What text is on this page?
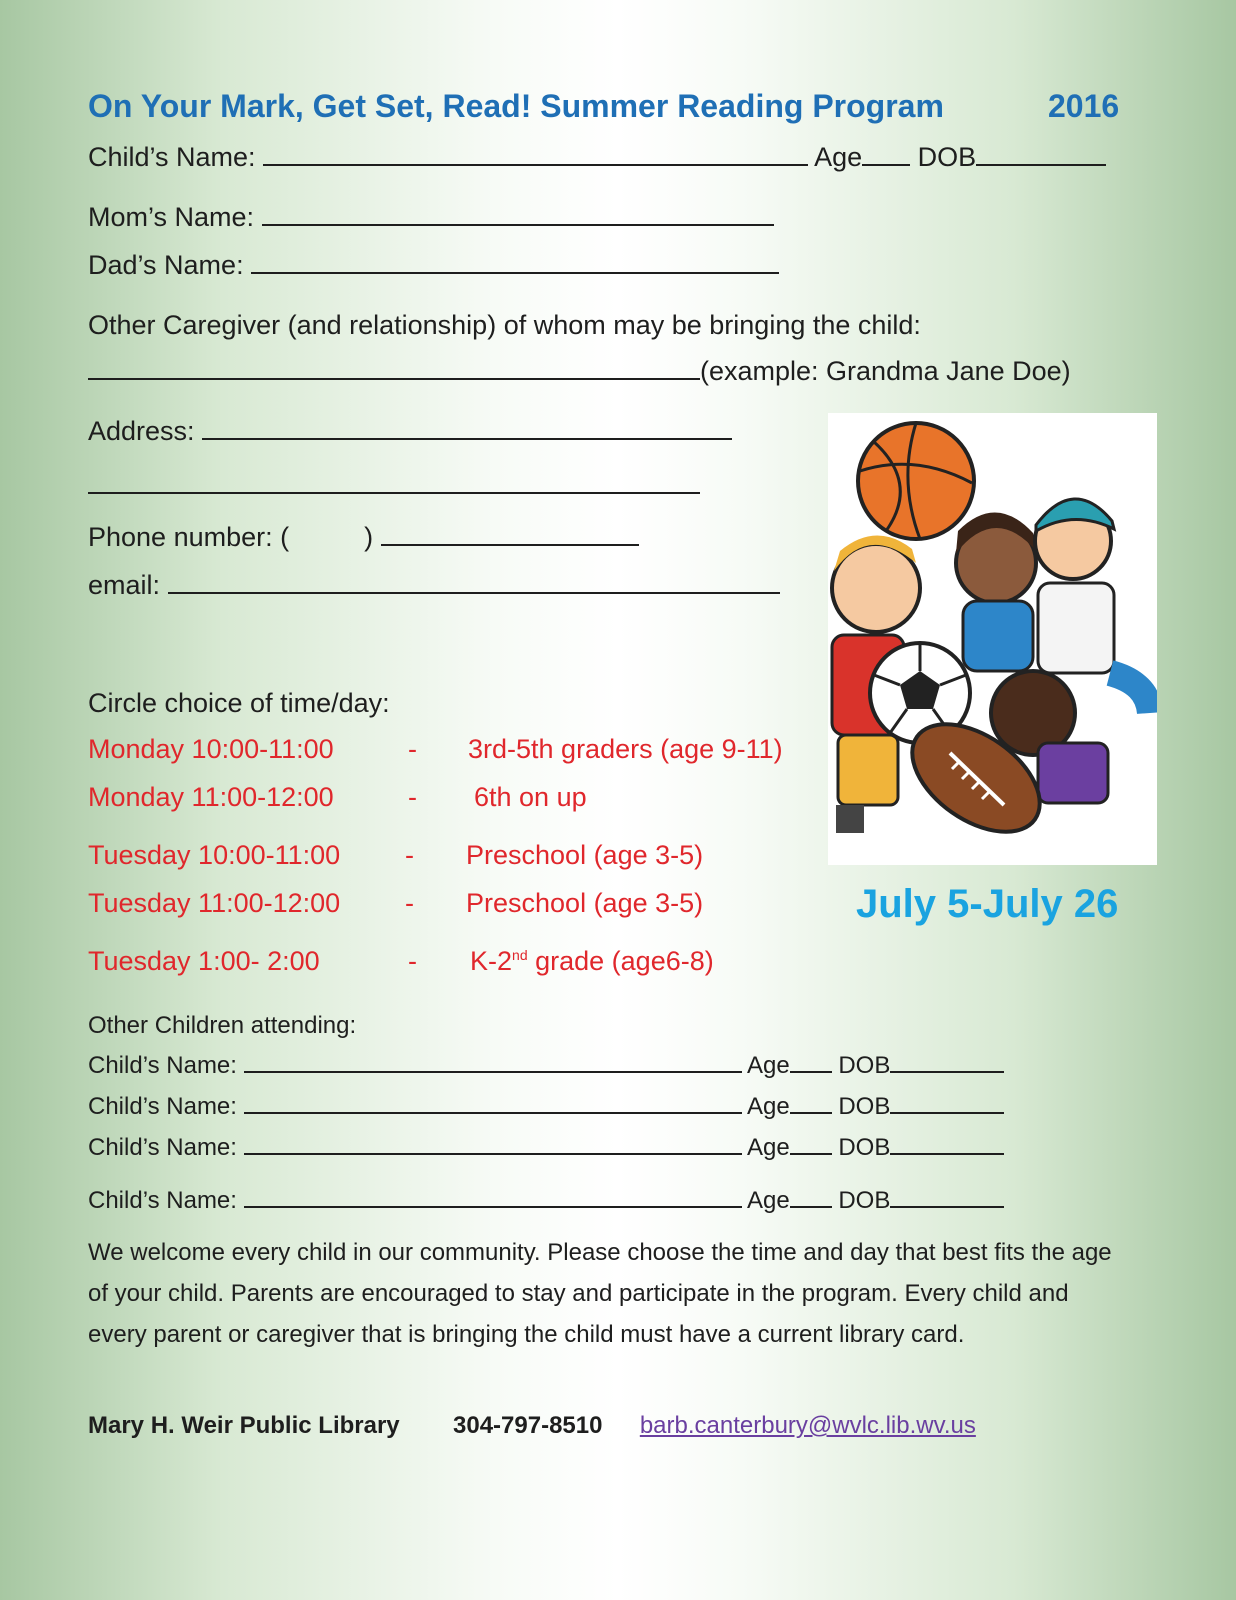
On Your Mark, Get Set, Read! Summer Reading Program	2016
Child’s Name:	Age DOB
Mom’s Name:
Dad’s Name:
Other Caregiver (and relationship) of whom may be bringing the child:
(example: Grandma Jane Doe)
Address:
Phone number: (	)
email:
Circle choice of time/day:
Monday 10:00-11:00	- 3rd-5th graders (age 9-11)
Monday 11:00-12:00	- 6th on up
Tuesday 10:00-11:00 - Preschool (age 3-5)
Tuesday 11:00-12:00 - Preschool (age 3-5)
Tuesday 1:00- 2:00	- K-2nd grade (age6-8)
July 5-July 26
Other Children attending:
Child’s Name:	Age DOB
Child’s Name:	Age DOB
Child’s Name:	Age DOB
Child’s Name:	Age DOB
We welcome every child in our community. Please choose the time and day that best fits the age of your child. Parents are encouraged to stay and participate in the program. Every child and every parent or caregiver that is bringing the child must have a current library card.
Mary H. Weir Public Library 304-797-8510 barb.canterbury@wvlc.lib.wv.us
